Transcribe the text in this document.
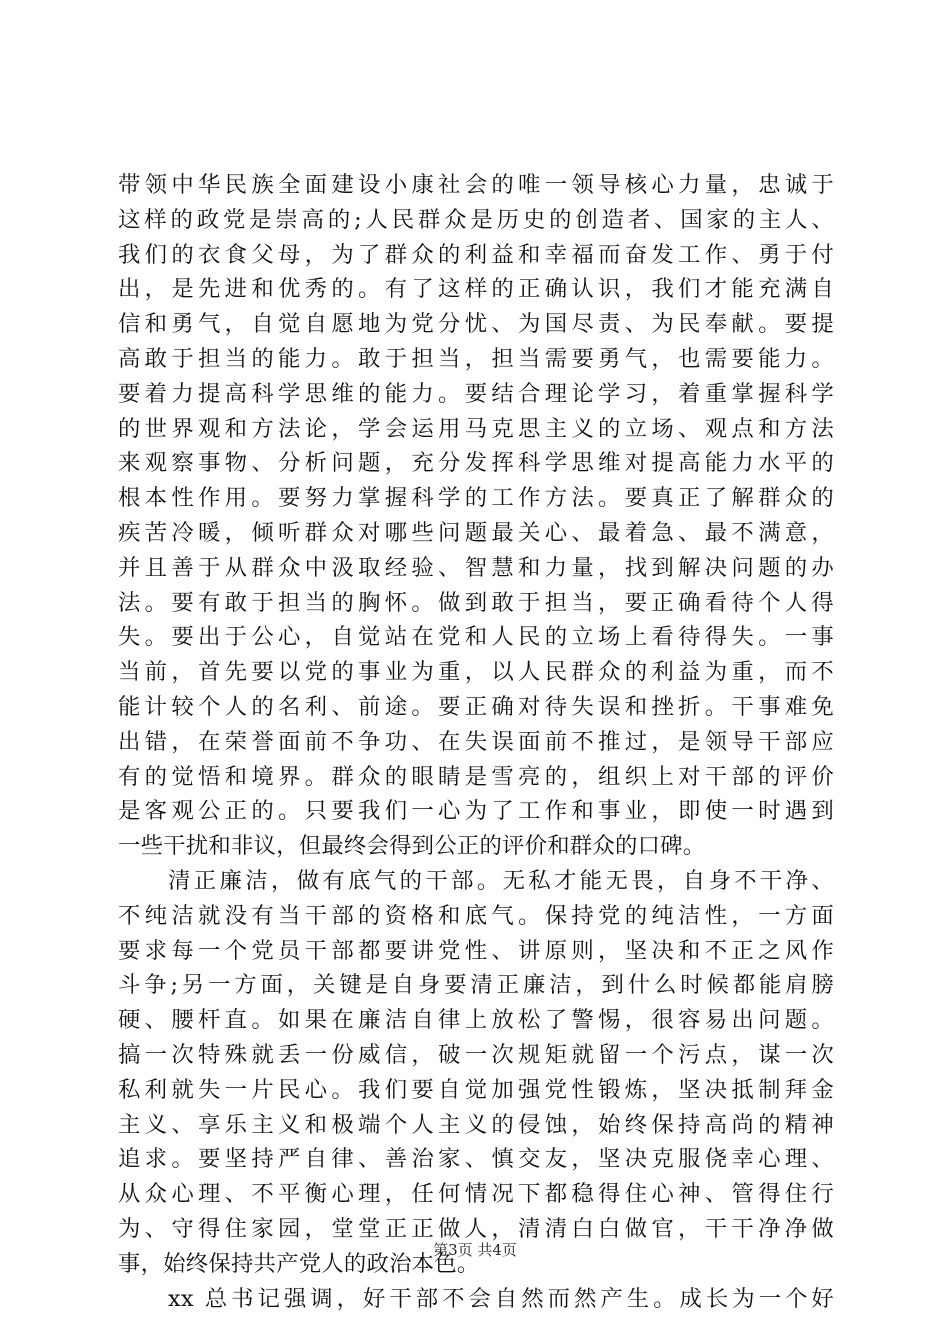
带领中华民族全面建设小康社会的唯一领导核心力量，忠诚于
这样的政党是崇高的;人民群众是历史的创造者、国家的主人、
我们的衣食父母，为了群众的利益和幸福而奋发工作、勇于付
出，是先进和优秀的。有了这样的正确认识，我们才能充满自
信和勇气，自觉自愿地为党分忧、为国尽责、为民奉献。要提
高敢于担当的能力。敢于担当，担当需要勇气，也需要能力。
要着力提高科学思维的能力。要结合理论学习，着重掌握科学
的世界观和方法论，学会运用马克思主义的立场、观点和方法
来观察事物、分析问题，充分发挥科学思维对提高能力水平的
根本性作用。要努力掌握科学的工作方法。要真正了解群众的
疾苦冷暖，倾听群众对哪些问题最关心、最着急、最不满意，
并且善于从群众中汲取经验、智慧和力量，找到解决问题的办
法。要有敢于担当的胸怀。做到敢于担当，要正确看待个人得
失。要出于公心，自觉站在党和人民的立场上看待得失。一事
当前，首先要以党的事业为重，以人民群众的利益为重，而不
能计较个人的名利、前途。要正确对待失误和挫折。干事难免
出错，在荣誉面前不争功、在失误面前不推过，是领导干部应
有的觉悟和境界。群众的眼睛是雪亮的，组织上对干部的评价
是客观公正的。只要我们一心为了工作和事业，即使一时遇到
一些干扰和非议，但最终会得到公正的评价和群众的口碑。
清正廉洁，做有底气的干部。无私才能无畏，自身不干净、
不纯洁就没有当干部的资格和底气。保持党的纯洁性，一方面
要求每一个党员干部都要讲党性、讲原则，坚决和不正之风作
斗争;另一方面，关键是自身要清正廉洁，到什么时候都能肩膀
硬、腰杆直。如果在廉洁自律上放松了警惕，很容易出问题。
搞一次特殊就丢一份威信，破一次规矩就留一个污点，谋一次
私利就失一片民心。我们要自觉加强党性锻炼，坚决抵制拜金
主义、享乐主义和极端个人主义的侵蚀，始终保持高尚的精神
追求。要坚持严自律、善治家、慎交友，坚决克服侥幸心理、
从众心理、不平衡心理，任何情况下都稳得住心神、管得住行
为、守得住家园，堂堂正正做人，清清白白做官，干干净净做
事，始终保持共产党人的政治本色。
xx 总书记强调，好干部不会自然而然产生。成长为一个好
第3页 共4页
